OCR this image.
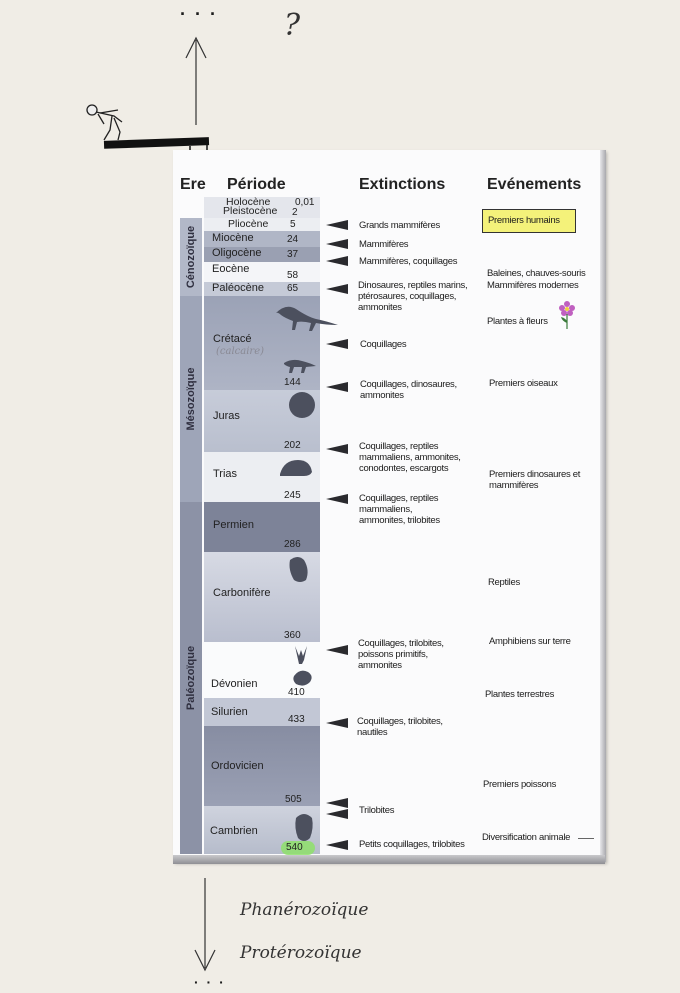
· · · ?
Ere Période	Extinctions	Evénements
Cénozoïque
Mésozoïque
Paléozoïque
Holocène
Pleistocène
Pliocène
Miocène
Oligocène
Eocène
Paléocène
Crétacé
Juras
Trias
Permien
Carbonifère
Dévonien
Silurien
Ordovicien
Cambrien
(calcaire)
0,01
2
5
24
37
58
65
144
202
245
286
360
410
433
505
540
Grands mammifères
Mammifères
Mammifères, coquillages
Dinosaures, reptiles marins, ptérosaures, coquillages, ammonites
Coquillages
Coquillages, dinosaures, ammonites
Coquillages, reptiles mammaliens, ammonites, conodontes, escargots
Coquillages, reptiles mammaliens, ammonites, trilobites
Coquillages, trilobites, poissons primitifs, ammonites
Coquillages, trilobites, nautiles
Trilobites
Petits coquillages, trilobites
Premiers humains
Baleines, chauves-souris
Mammifères modernes
Plantes à fleurs
Premiers oiseaux
Premiers dinosaures et mammifères
Reptiles
Amphibiens sur terre
Plantes terrestres
Premiers poissons
Diversification animale
Phanérozoïque
Protérozoïque
· · ·
